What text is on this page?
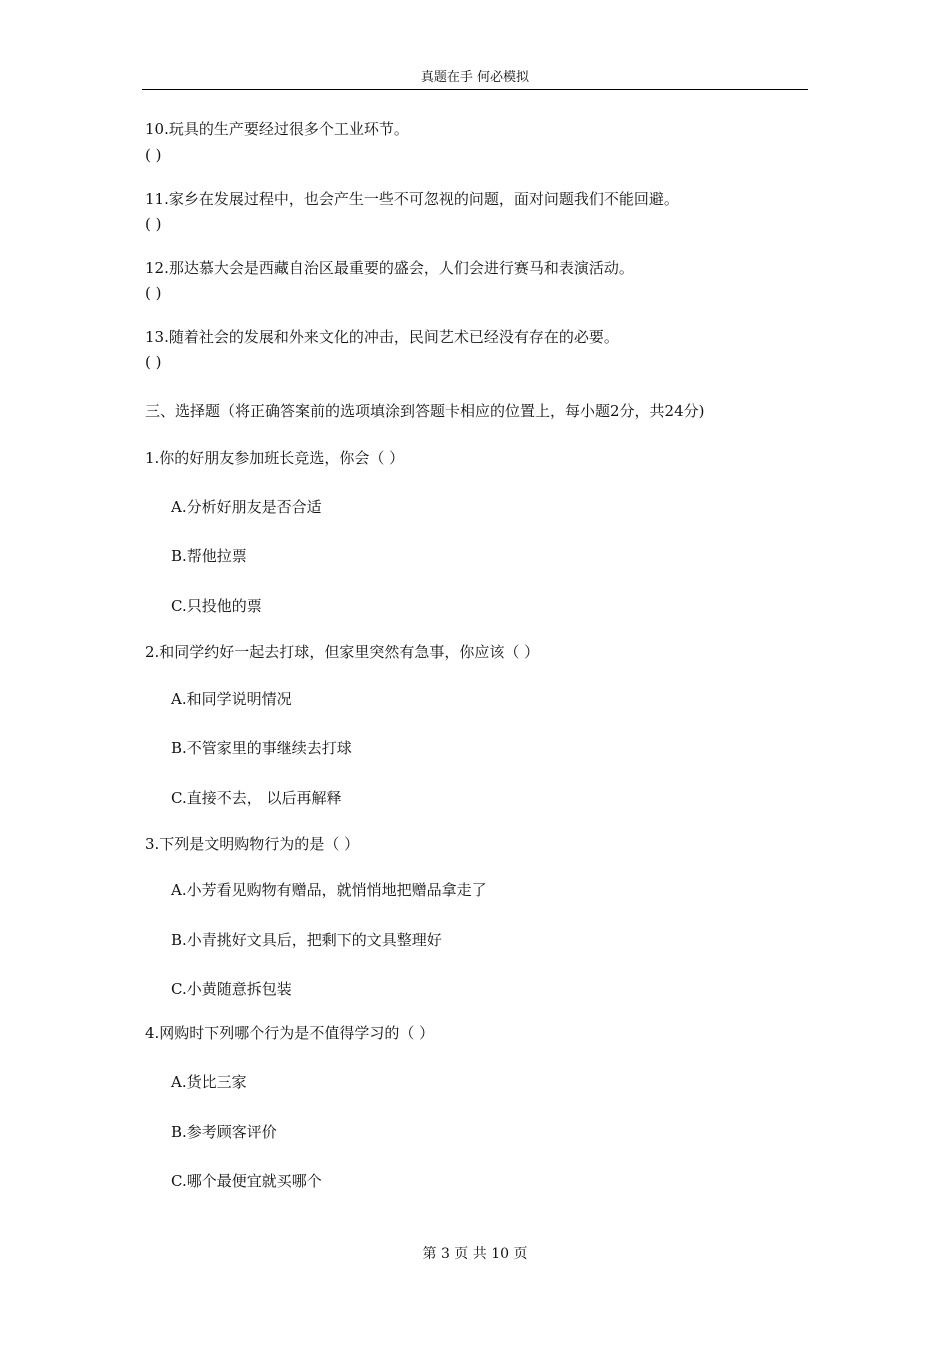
真题在手 何必模拟
10.玩具的生产要经过很多个工业环节。
( )
11.家乡在发展过程中，也会产生一些不可忽视的问题，面对问题我们不能回避。
( )
12.那达慕大会是西藏自治区最重要的盛会，人们会进行赛马和表演活动。
( )
13.随着社会的发展和外来文化的冲击，民间艺术已经没有存在的必要。
( )
三、选择题（将正确答案前的选项填涂到答题卡相应的位置上，每小题2分，共24分)
1.你的好朋友参加班长竞选，你会（ ）
A.分析好朋友是否合适
B.帮他拉票
C.只投他的票
2.和同学约好一起去打球，但家里突然有急事，你应该（ ）
A.和同学说明情况
B.不管家里的事继续去打球
C.直接不去， 以后再解释
3.下列是文明购物行为的是（ ）
A.小芳看见购物有赠品，就悄悄地把赠品拿走了
B.小青挑好文具后，把剩下的文具整理好
C.小黄随意拆包装
4.网购时下列哪个行为是不值得学习的（ ）
A.货比三家
B.参考顾客评价
C.哪个最便宜就买哪个
第 3 页 共 10 页
